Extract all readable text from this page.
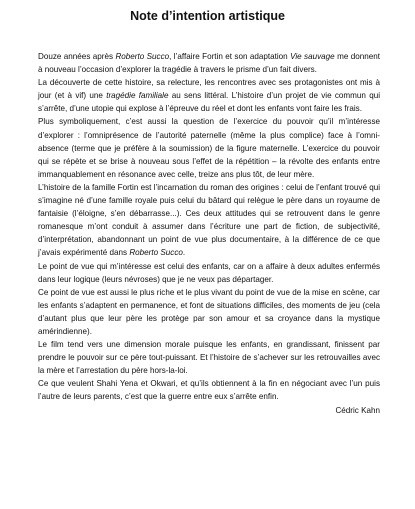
Note d’intention artistique

Douze années après Roberto Succo, l’affaire Fortin et son adaptation Vie sauvage me donnent à nouveau l’occasion d’explorer la tragédie à travers le prisme d’un fait divers.

La découverte de cette histoire, sa relecture, les rencontres avec ses protagonistes ont mis à jour (et à vif) une tragédie familiale au sens littéral. L’histoire d’un projet de vie commun qui s’arrête, d’une utopie qui explose à l’épreuve du réel et dont les enfants vont faire les frais.

Plus symboliquement, c’est aussi la question de l’exercice du pouvoir qu’il m’intéresse d’explorer : l’omniprésence de l’autorité paternelle (même la plus complice) face à l’omni-absence (terme que je préfère à la soumission) de la figure maternelle. L’exercice du pouvoir qui se répète et se brise à nouveau sous l’effet de la répétition – la révolte des enfants entre immanquablement en résonance avec celle, treize ans plus tôt, de leur mère.

L’histoire de la famille Fortin est l’incarnation du roman des origines : celui de l’enfant trouvé qui s’imagine né d’une famille royale puis celui du bâtard qui relègue le père dans un royaume de fantaisie (l’éloigne, s’en débarrasse...). Ces deux attitudes qui se retrouvent dans le genre romanesque m’ont conduit à assumer dans l’écriture une part de fiction, de subjectivité, d’interprétation, abandonnant un point de vue plus documentaire, à la différence de ce que j’avais expérimenté dans Roberto Succo.

Le point de vue qui m’intéresse est celui des enfants, car on a affaire à deux adultes enfermés dans leur logique (leurs névroses) que je ne veux pas départager.

Ce point de vue est aussi le plus riche et le plus vivant du point de vue de la mise en scène, car les enfants s’adaptent en permanence, et font de situations difficiles, des moments de jeu (cela d’autant plus que leur père les protège par son amour et sa croyance dans la mystique amérindienne).

Le film tend vers une dimension morale puisque les enfants, en grandissant, finissent par prendre le pouvoir sur ce père tout-puissant. Et l’histoire de s’achever sur les retrouvailles avec la mère et l’arrestation du père hors-la-loi.

Ce que veulent Shahi Yena et Okwari, et qu’ils obtiennent à la fin en négociant avec l’un puis l’autre de leurs parents, c’est que la guerre entre eux s’arrête enfin.

Cédric Kahn
